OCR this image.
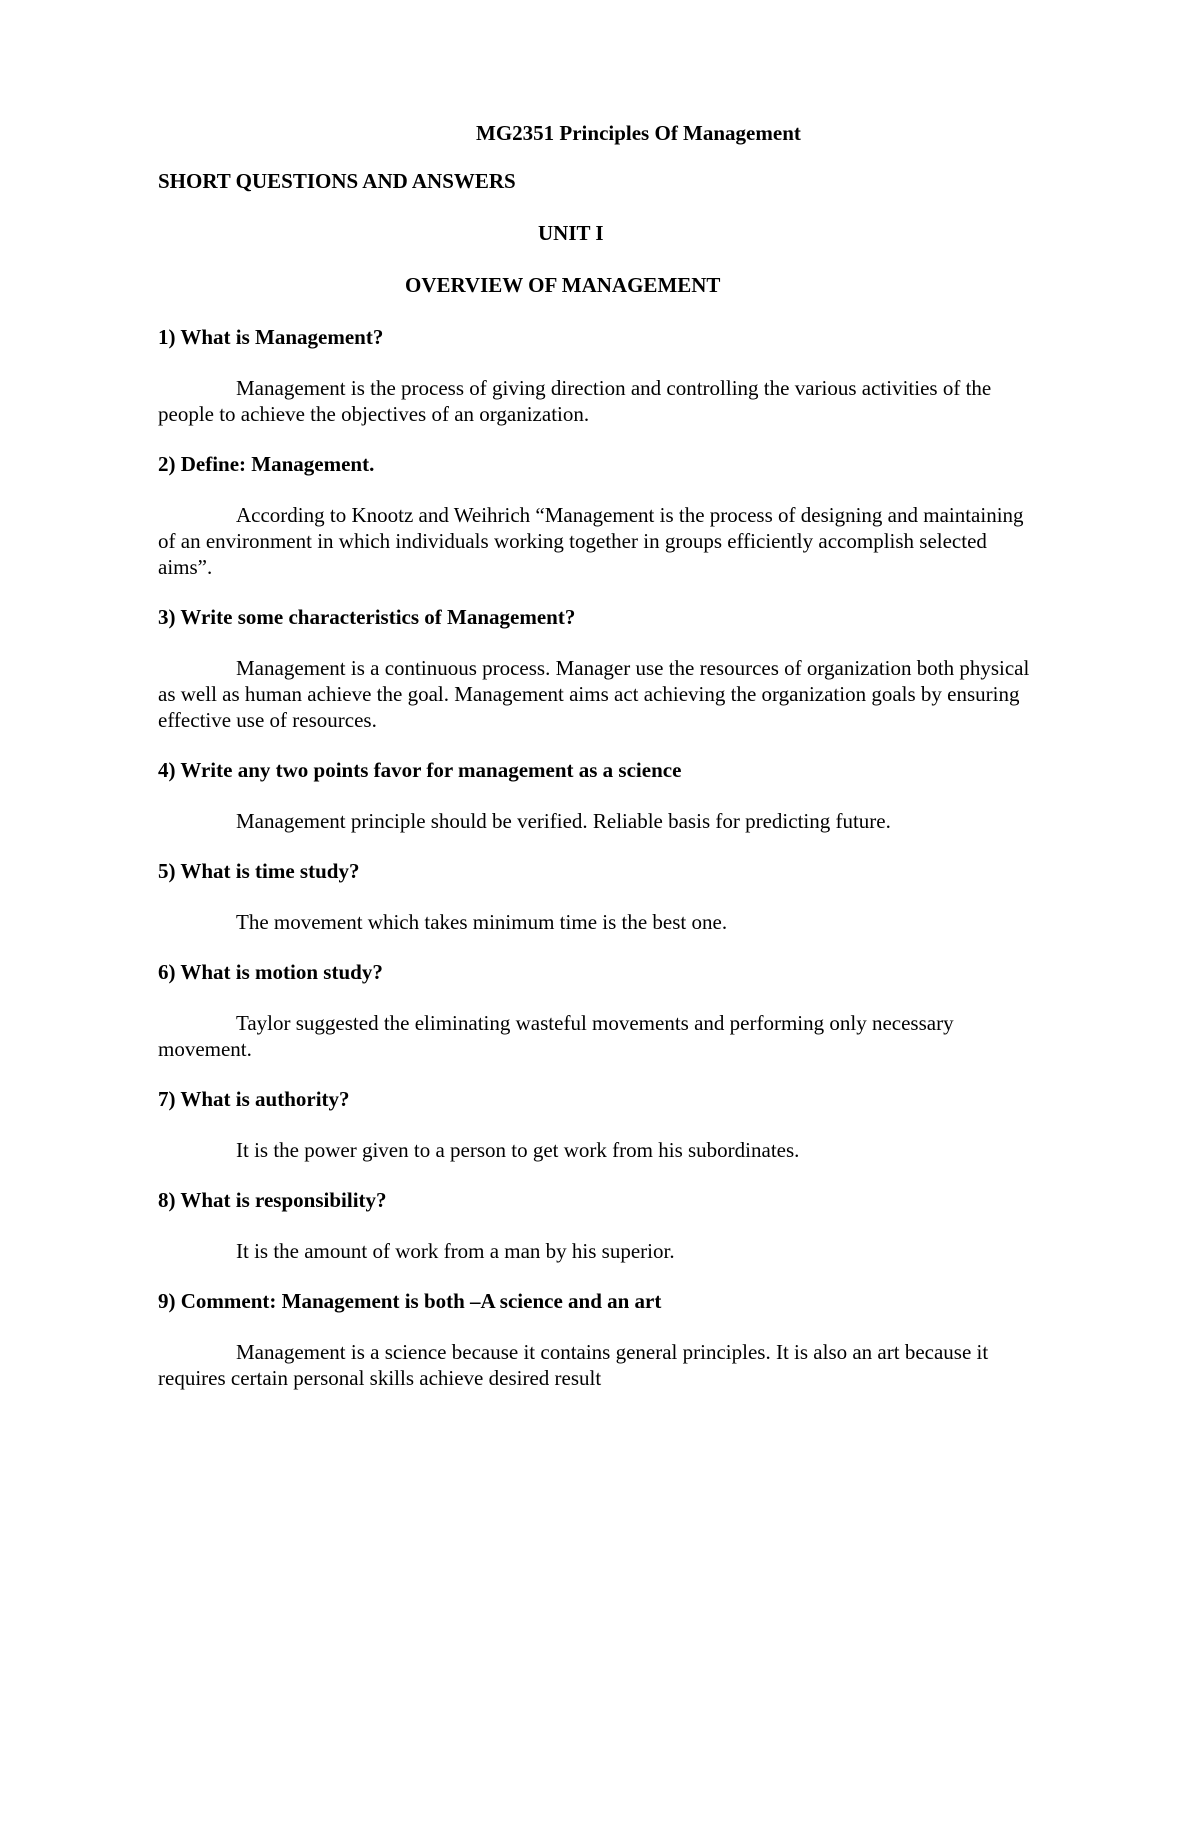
MG2351 Principles Of Management
SHORT QUESTIONS AND ANSWERS
UNIT I
OVERVIEW OF MANAGEMENT
1) What is Management?
Management is the process of giving direction and controlling the various activities of the people to achieve the objectives of an organization.
2) Define: Management.
According to Knootz and Weihrich “Management is the process of designing and maintaining of an environment in which individuals working together in groups efficiently accomplish selected aims”.
3) Write some characteristics of Management?
Management is a continuous process. Manager use the resources of organization both physical as well as human achieve the goal. Management aims act achieving the organization goals by ensuring effective use of resources.
4) Write any two points favor for management as a science
Management principle should be verified. Reliable basis for predicting future.
5) What is time study?
The movement which takes minimum time is the best one.
6) What is motion study?
Taylor suggested the eliminating wasteful movements and performing only necessary movement.
7) What is authority?
It is the power given to a person to get work from his subordinates.
8) What is responsibility?
It is the amount of work from a man by his superior.
9) Comment: Management is both –A science and an art
Management is a science because it contains general principles. It is also an art because it requires certain personal skills achieve desired result
